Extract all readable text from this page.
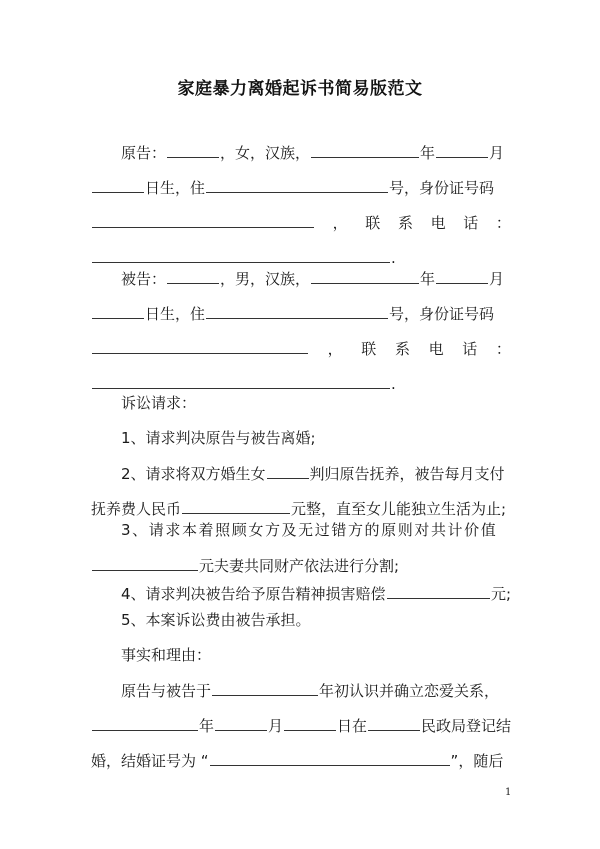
家庭暴力离婚起诉书简易版范文
原告：	，女，汉族，	年	月
日生，住	号，身份证号码
， 联 系 电 话 ：
.
被告：	，男，汉族，	年	月
日生，住	号，身份证号码
， 联 系 电 话 ：
.
诉讼请求：
1、请求判决原告与被告离婚;
2、请求将双方婚生女	判归原告抚养，被告每月支付
抚养费人民币	元整，直至女儿能独立生活为止;
3、请求本着照顾女方及无过错方的原则对共计价值
元夫妻共同财产依法进行分割;
4、请求判决被告给予原告精神损害赔偿	元;
5、本案诉讼费由被告承担。
事实和理由：
原告与被告于	年初认识并确立恋爱关系，
年	月	日在	民政局登记结
婚，结婚证号为 “	”，随后
1
